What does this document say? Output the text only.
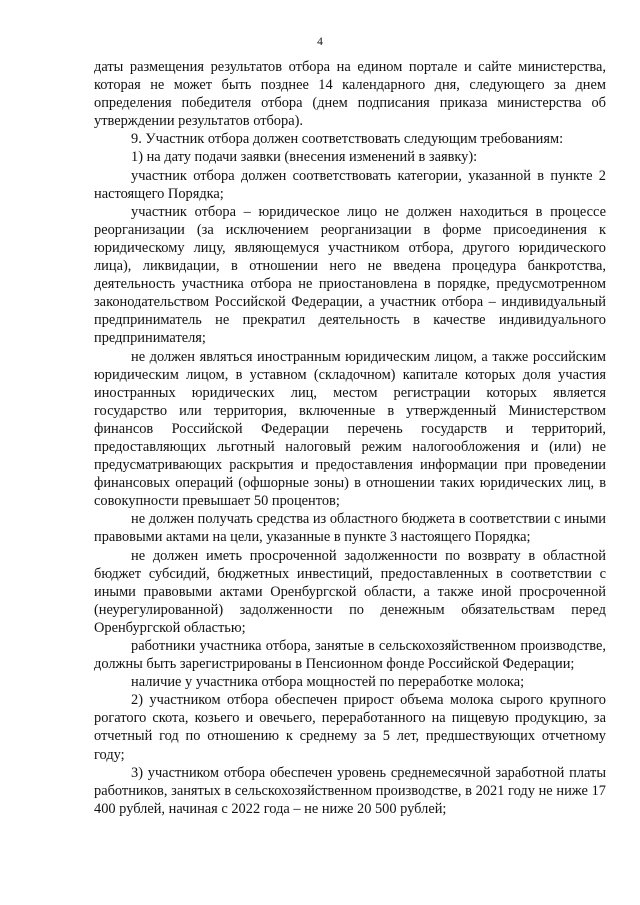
4

даты размещения результатов отбора на едином портале и сайте министерства, которая не может быть позднее 14 календарного дня, следующего за днем определения победителя отбора (днем подписания приказа министерства об утверждении результатов отбора).

9. Участник отбора должен соответствовать следующим требованиям:

1) на дату подачи заявки (внесения изменений в заявку):

участник отбора должен соответствовать категории, указанной в пункте 2 настоящего Порядка;

участник отбора – юридическое лицо не должен находиться в процессе реорганизации (за исключением реорганизации в форме присоединения к юридическому лицу, являющемуся участником отбора, другого юридического лица), ликвидации, в отношении него не введена процедура банкротства, деятельность участника отбора не приостановлена в порядке, предусмотренном законодательством Российской Федерации, а участник отбора – индивидуальный предприниматель не прекратил деятельность в качестве индивидуального предпринимателя;

не должен являться иностранным юридическим лицом, а также российским юридическим лицом, в уставном (складочном) капитале которых доля участия иностранных юридических лиц, местом регистрации которых является государство или территория, включенные в утвержденный Министерством финансов Российской Федерации перечень государств и территорий, предоставляющих льготный налоговый режим налогообложения и (или) не предусматривающих раскрытия и предоставления информации при проведении финансовых операций (офшорные зоны) в отношении таких юридических лиц, в совокупности превышает 50 процентов;

не должен получать средства из областного бюджета в соответствии с иными правовыми актами на цели, указанные в пункте 3 настоящего Порядка;

не должен иметь просроченной задолженности по возврату в областной бюджет субсидий, бюджетных инвестиций, предоставленных в соответствии с иными правовыми актами Оренбургской области, а также иной просроченной (неурегулированной) задолженности по денежным обязательствам перед Оренбургской областью;

работники участника отбора, занятые в сельскохозяйственном производстве, должны быть зарегистрированы в Пенсионном фонде Российской Федерации;

наличие у участника отбора мощностей по переработке молока;

2) участником отбора обеспечен прирост объема молока сырого крупного рогатого скота, козьего и овечьего, переработанного на пищевую продукцию, за отчетный год по отношению к среднему за 5 лет, предшествующих отчетному году;

3) участником отбора обеспечен уровень среднемесячной заработной платы работников, занятых в сельскохозяйственном производстве, в 2021 году не ниже 17 400 рублей, начиная с 2022 года – не ниже 20 500 рублей;
